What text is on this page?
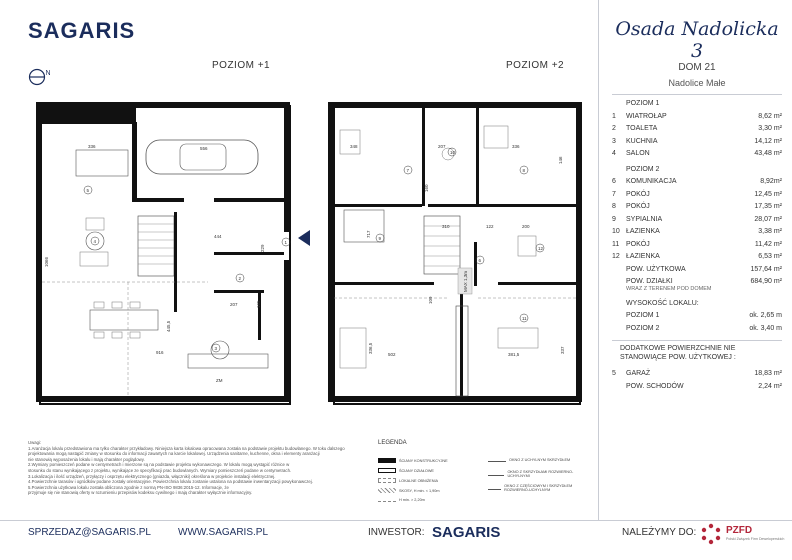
SAGARIS
N
POZIOM +1	POZIOM +2
336	556
444
229
1066
165
445,5
916
207
5
4	1
2
3
ZM
MAX 1,3m
348	207	336
146
717
160
310	122	200
109
502	381,5
337
336,5
7	8
9
12
11
6
10
Osada Nadolicka 3
DOM 21
Nadolice Małe
POZIOM 1
1	WIATROŁAP	8,62 m²
2	TOALETA	3,30 m²
3	KUCHNIA	14,12 m²
4	SALON	43,48 m²
POZIOM 2
6	KOMUNIKACJA	8,92m²
7	POKÓJ	12,45 m²
8	POKÓJ	17,35 m²
9	SYPIALNIA	28,07 m²
10 ŁAZIENKA	3,38 m²
11 POKÓJ	11,42 m²
12 ŁAZIENKA	6,53 m²
POW. UŻYTKOWA	157,64 m²
POW. DZIAŁKI	684,90 m²
WRAZ Z TERENEM POD DOMEM
WYSOKOŚĆ LOKALU:
POZIOM 1	ok. 2,65 m
POZIOM 2	ok. 3,40 m
DODATKOWE POWIERZCHNIE NIE STANOWIĄCE POW. UŻYTKOWEJ :
5	GARAŻ	18,83 m²
POW. SCHODÓW	2,24 m²
Uwagi:
1.Aranżacja lokalu przedstawiona ma tylko charakter przykładowy. Niniejsza karta lokalowa opracowana została na podstawie projektu budowlanego. W toku dalszego
projektowania mogą nastąpić zmiany w stosunku do informacji zawartych na karcie lokalowej. Urządzenia sanitarne, kuchenne, okna i elementy aranżacji
nie stanowią wyposażenia lokalu i mają charakter poglądowy.
2.Wymiary pomieszczeń podane w centymetrach i mierzone są na podstawie projektu wykonawczego. W lokalu mogą wystąpić różnice w
stosunku do stanu wynikającego z projektu, wynikające ze specyfikacji prac budowlanych. Wymiary pomieszczeń podane w centymetrach.
3.Lokalizacja i ilość urządzeń, przyłączy i osprzętu elektrycznego (gniazda, włączniki) określona w projekcie instalacji elektrycznej.
4.Powierzchnie tarasów i ogródków podane zostały orientacyjnie. Powierzchnia lokalu zostanie ustalona na podstawie inwentaryzacji powykonawczej.
5.Powierzchnia użytkowa lokalu została obliczona zgodnie z normą PN-ISO 9836:2015-12. Informacje, że
przyjmuje się nie stanowią oferty w rozumieniu przepisów kodeksu cywilnego i mają charakter wyłącznie informacyjny.
LEGENDA
ŚCIANY KONSTRUKCYJNE
ŚCIANY DZIAŁOWE
LOKALNE OBNIŻENIA
SKOSY, H min. < 1,90m
H min. > 2,20m
OKNO Z UCHYLNYM SKRZYDŁEM
OKNO Z SKRZYDŁAMI ROZWIERNO-UCHYLNYMI
OKNO Z CZĘŚCIOWYM I SKRZYDŁEM ROZWIERNO-UCHYLNYM
SPRZEDAZ@SAGARIS.PL	WWW.SAGARIS.PL	INWESTOR: SAGARIS	NALEŻYMY DO:	PZFD
Polski Związek Firm Deweloperskich
